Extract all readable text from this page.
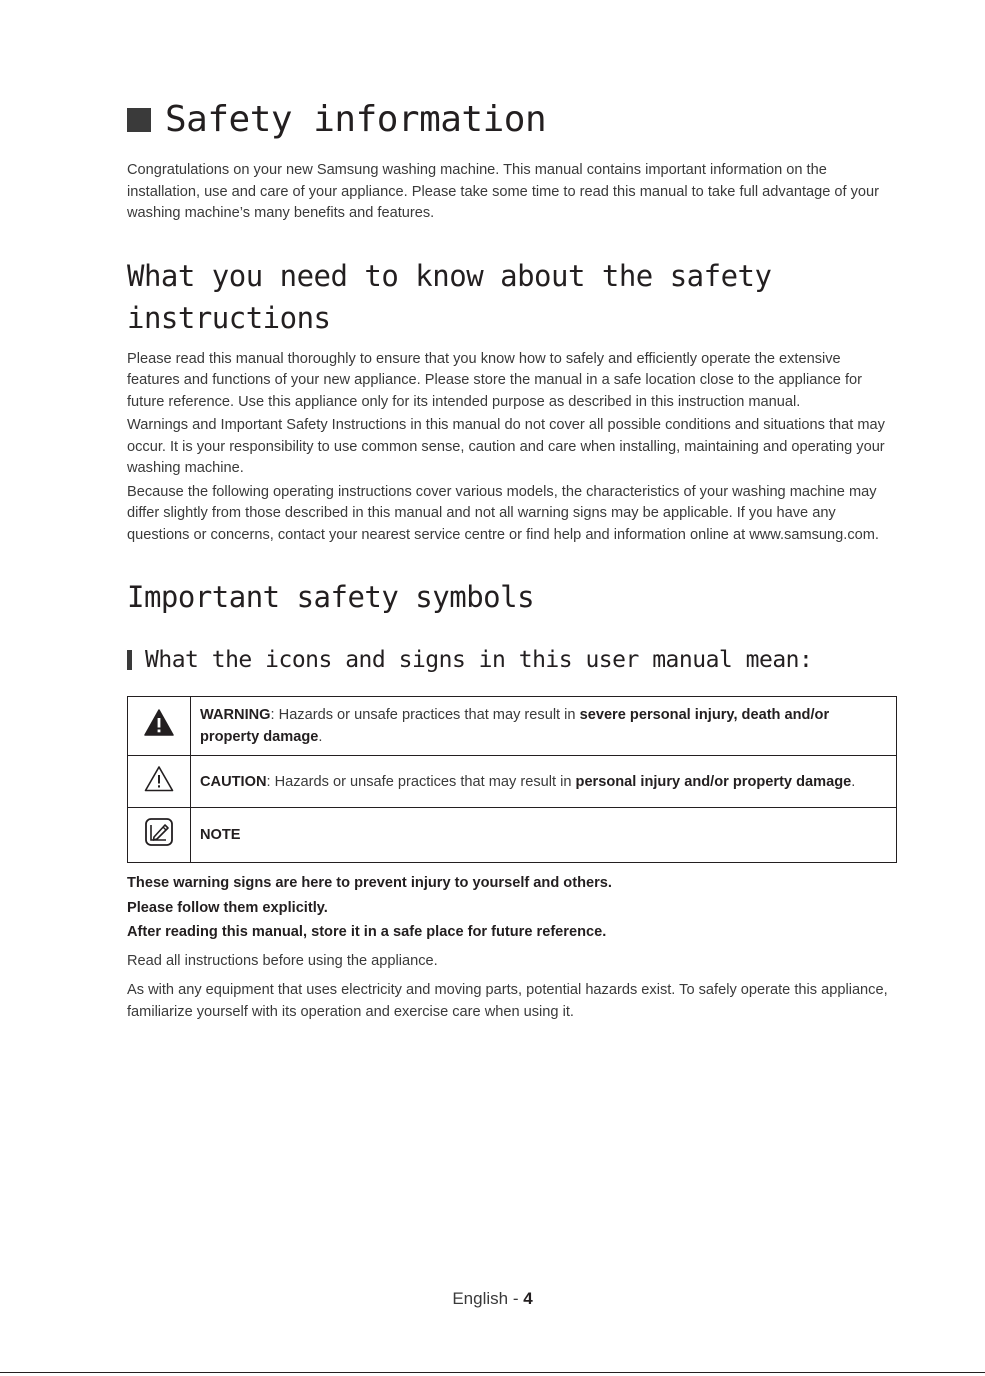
Safety information

Congratulations on your new Samsung washing machine. This manual contains important information on the installation, use and care of your appliance. Please take some time to read this manual to take full advantage of your washing machine’s many benefits and features.

What you need to know about the safety instructions

Please read this manual thoroughly to ensure that you know how to safely and efficiently operate the extensive features and functions of your new appliance. Please store the manual in a safe location close to the appliance for future reference. Use this appliance only for its intended purpose as described in this instruction manual.

Warnings and Important Safety Instructions in this manual do not cover all possible conditions and situations that may occur. It is your responsibility to use common sense, caution and care when installing, maintaining and operating your washing machine.

Because the following operating instructions cover various models, the characteristics of your washing machine may differ slightly from those described in this manual and not all warning signs may be applicable. If you have any questions or concerns, contact your nearest service centre or find help and information online at www.samsung.com.

Important safety symbols
What the icons and signs in this user manual mean:
	WARNING: Hazards or unsafe practices that may result in severe personal injury, death and/or property damage.
	CAUTION: Hazards or unsafe practices that may result in personal injury and/or property damage.
	NOTE

These warning signs are here to prevent injury to yourself and others.

Please follow them explicitly.

After reading this manual, store it in a safe place for future reference.

Read all instructions before using the appliance.

As with any equipment that uses electricity and moving parts, potential hazards exist. To safely operate this appliance, familiarize yourself with its operation and exercise care when using it.

English - 4
